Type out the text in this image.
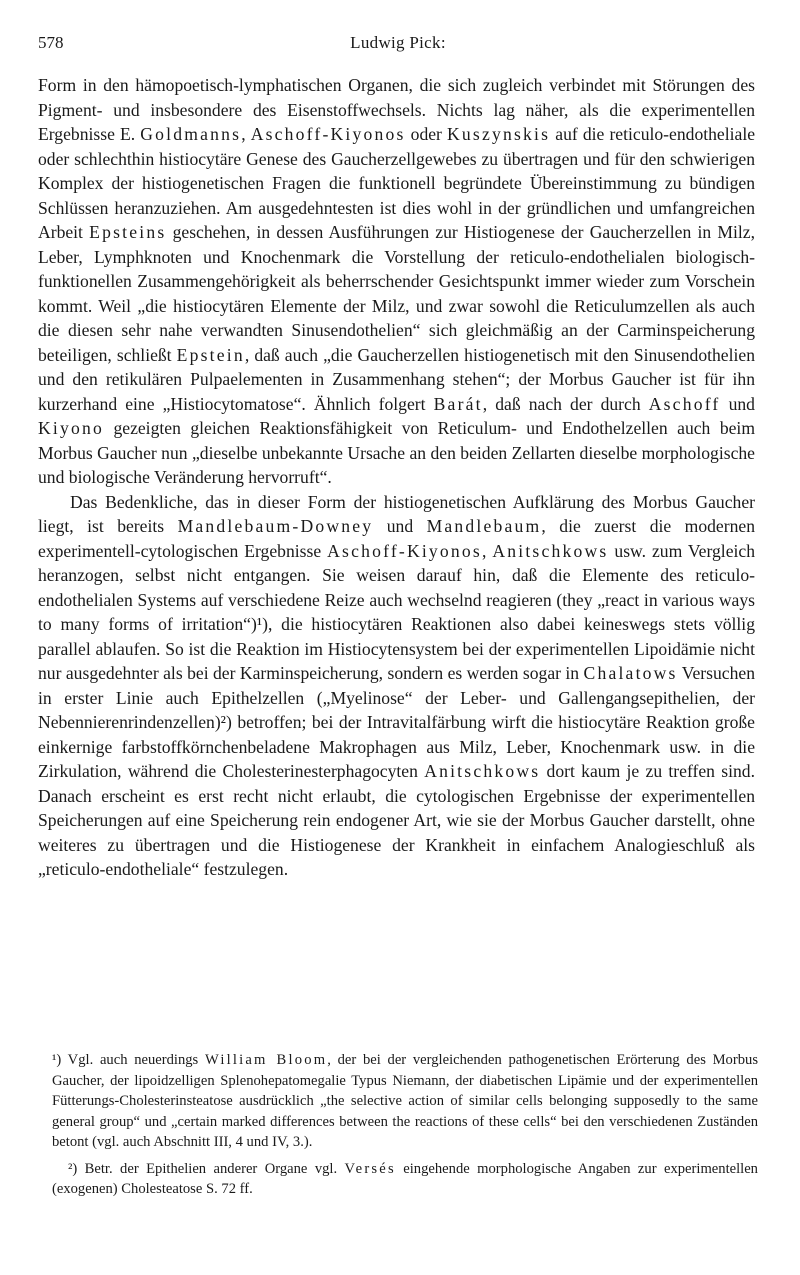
578	Ludwig Pick:

Form in den hämopoetisch-lymphatischen Organen, die sich zugleich verbindet mit Störungen des Pigment- und insbesondere des Eisenstoffwechsels. Nichts lag näher, als die experimentellen Ergebnisse E. Goldmanns, Aschoff-Kiyonos oder Kuszynskis auf die reticulo-endotheliale oder schlechthin histiocytäre Genese des Gaucherzellgewebes zu übertragen und für den schwierigen Komplex der histiogenetischen Fragen die funktionell begründete Übereinstimmung zu bündigen Schlüssen heranzuziehen. Am ausgedehntesten ist dies wohl in der gründlichen und umfangreichen Arbeit Epsteins geschehen, in dessen Ausführungen zur Histiogenese der Gaucherzellen in Milz, Leber, Lymphknoten und Knochenmark die Vorstellung der reticulo-endothelialen biologisch-funktionellen Zusammengehörigkeit als beherrschender Gesichtspunkt immer wieder zum Vorschein kommt. Weil „die histiocytären Elemente der Milz, und zwar sowohl die Reticulumzellen als auch die diesen sehr nahe verwandten Sinusendothelien“ sich gleichmäßig an der Carminspeicherung beteiligen, schließt Epstein, daß auch „die Gaucherzellen histiogenetisch mit den Sinusendothelien und den retikulären Pulpaelementen in Zusammenhang stehen“; der Morbus Gaucher ist für ihn kurzerhand eine „Histiocytomatose“. Ähnlich folgert Barát, daß nach der durch Aschoff und Kiyono gezeigten gleichen Reaktionsfähigkeit von Reticulum- und Endothelzellen auch beim Morbus Gaucher nun „dieselbe unbekannte Ursache an den beiden Zellarten dieselbe morphologische und biologische Veränderung hervorruft“.

Das Bedenkliche, das in dieser Form der histiogenetischen Aufklärung des Morbus Gaucher liegt, ist bereits Mandlebaum-Downey und Mandlebaum, die zuerst die modernen experimentell-cytologischen Ergebnisse Aschoff-Kiyonos, Anitschkows usw. zum Vergleich heranzogen, selbst nicht entgangen. Sie weisen darauf hin, daß die Elemente des reticulo-endothelialen Systems auf verschiedene Reize auch wechselnd reagieren (they „react in various ways to many forms of irritation“)¹), die histiocytären Reaktionen also dabei keineswegs stets völlig parallel ablaufen. So ist die Reaktion im Histiocytensystem bei der experimentellen Lipoidämie nicht nur ausgedehnter als bei der Karminspeicherung, sondern es werden sogar in Chalatows Versuchen in erster Linie auch Epithelzellen („Myelinose“ der Leber- und Gallengangsepithelien, der Nebennierenrindenzellen)²) betroffen; bei der Intravitalfärbung wirft die histiocytäre Reaktion große einkernige farbstoffkörnchenbeladene Makrophagen aus Milz, Leber, Knochenmark usw. in die Zirkulation, während die Cholesterinesterphagocyten Anitschkows dort kaum je zu treffen sind. Danach erscheint es erst recht nicht erlaubt, die cytologischen Ergebnisse der experimentellen Speicherungen auf eine Speicherung rein endogener Art, wie sie der Morbus Gaucher darstellt, ohne weiteres zu übertragen und die Histiogenese der Krankheit in einfachem Analogieschluß als „reticulo-endotheliale“ festzulegen.

¹) Vgl. auch neuerdings William Bloom, der bei der vergleichenden pathogenetischen Erörterung des Morbus Gaucher, der lipoidzelligen Splenohepatomegalie Typus Niemann, der diabetischen Lipämie und der experimentellen Fütterungs-Cholesterinsteatose ausdrücklich „the selective action of similar cells belonging supposedly to the same general group“ und „certain marked differences between the reactions of these cells“ bei den verschiedenen Zuständen betont (vgl. auch Abschnitt III, 4 und IV, 3.).

²) Betr. der Epithelien anderer Organe vgl. Versés eingehende morphologische Angaben zur experimentellen (exogenen) Cholesteatose S. 72 ff.
